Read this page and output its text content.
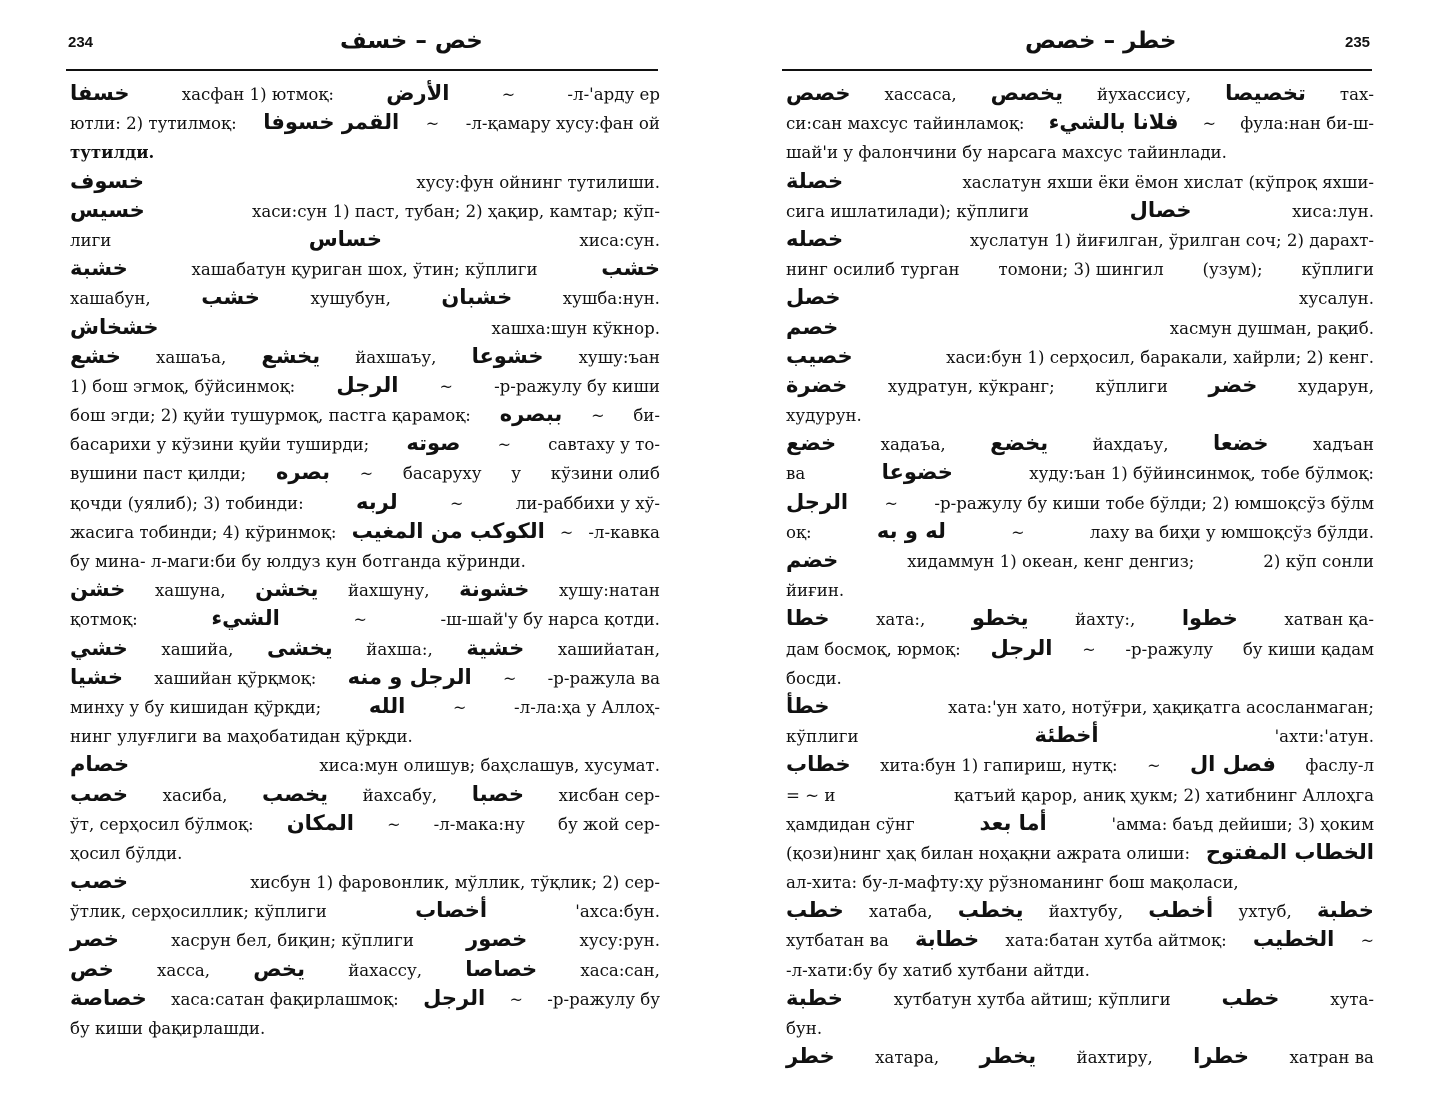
234	خص – خسف
خسفا	хасфан 1) ютмоқ: الأرض	~	-л-'арду ер
ютли: 2) тутилмоқ: القمر خسوفا ~ -л-қамару хусу:фан ой
тутилди.
خسوف	хусу:фун ойнинг тутилиши.
خسيس	хаси:сун 1) паст, тубан; 2) ҳақир, камтар; кўп-
лиги	خساس	хиса:сун.
خشبة	хашабатун қуриган шох, ўтин; кўплиги	خشب
хашабун, خشب	хушубун, خشبان	хушба:нун.
خشخاش	хашха:шун кўкнор.
خشع хашаъа, يخشع йахшаъу, خشوعا хушу:ъан
1) бош эгмоқ, бўйсинмоқ: الرجل	~ -р-ражулу бу киши
бош эгди; 2) қуйи тушурмоқ, пастга қарамоқ: ببصره ~ би-
басарихи у кўзини қуйи туширди; صوته ~ савтаху у то-
вушини паст қилди; بصره ~ басаруху у кўзини олиб
қочди (уялиб); 3) тобинди: لربه	~	ли-раббихи у хў-
жасига тобинди; 4) кўринмоқ: الكوكب من المغيب ~ -л-кавка
бу мина- л-маги:би бу юлдуз кун ботганда кўринди.
خشن хашуна, يخشن йахшуну, خشونة хушу:натан
қотмоқ:	الشيء	~	-ш-шай'у бу нарса қотди.
خشي хашийа, يخشى йахша:, خشية хашийатан,
خشيا хашийан қўрқмоқ: الرجل و منه ~ -р-ражула ва
минху у бу кишидан қўрқди; الله	~	-л-ла:ҳа у Аллоҳ-
нинг улуғлиги ва маҳобатидан қўрқди.
خصام	хиса:мун олишув; баҳслашув, хусумат.
خصب хасиба, يخصب йахсабу, خصبا хисбан сер-
ўт, серҳосил бўлмоқ: المكان ~ -л-мака:ну бу жой сер-
ҳосил бўлди.
خصب	хисбун 1) фаровонлик, мўллик, тўқлик; 2) сер-
ўтлик, серҳосиллик; кўплиги	أخصاب	'ахса:бун.
خصر	хасрун бел, биқин; кўплиги خصور	хусу:рун.
خص	хасса, يخص	йахассу, خصاصا	хаса:сан,
خصاصة хаса:сатан фақирлашмоқ: الرجل ~ -р-ражулу бу
бу киши фақирлашди.
235
خطر – خصص
خصص хассаса, يخصص йухассису, تخصيصا тах-
си:сан махсус тайинламоқ: فلانا بالشيء ~ фула:нан би-ш-
шай'и у фалончини бу нарсага махсус тайинлади.
خصلة	хаслатун яхши ёки ёмон хислат (кўпроқ яхши-
сига ишлатилади); кўплиги	خصال	хиса:лун.
خصله	хуслатун 1) йиғилган, ўрилган соч; 2) дарахт-
нинг осилиб турган томони; 3) шингил (узум); кўплиги
خصل	хусалун.
خصم	хасмун душман, рақиб.
خصيب	хаси:бун 1) серҳосил, баракали, хайрли; 2) кенг.
خضرة худратун, кўкранг; кўплиги خضر хударун,
худурун.
خضع	хадаъа, يخضع	йахдаъу, خضعا	хадъан
ва	خضوعا	худу:ъан 1) бўйинсинмоқ, тобе бўлмоқ:
الرجل ~ -р-ражулу бу киши тобе бўлди; 2) юмшоқсўз бўлм
оқ:	له و به	~	лаху ва биҳи у юмшоқсўз бўлди.
خضم	хидаммун 1) океан, кенг денгиз;	2) кўп сонли
йиғин.
خطا	хата:, يخطو	йахту:, خطوا	хатван қа-
дам босмоқ, юрмоқ: الرجل ~ -р-ражулу бу киши қадам
босди.
خطأ	хата:'ун хато, нотўғри, ҳақиқатга асосланмаган;
кўплиги	أخطئة	'ахти:'атун.
خطاب хита:бун 1) гапириш, нутқ: ~ فصل ال фаслу-л
= ~ и	қатъий қарор, аниқ ҳукм; 2) хатибнинг Аллоҳга
ҳамдидан сўнг	أما بعد	'амма: баъд дейиши; 3) ҳоким
(қози)нинг ҳақ билан ноҳақни ажрата олиши: الخطاب المفتوح
ал-хита: бу-л-мафту:ҳу рўзноманинг бош мақоласи,
خطب хатаба, يخطب йахтубу, أخطب ухтуб, خطبة
хутбатан ва خطابة хата:батан хутба айтмоқ: الخطيب ~
-л-хати:бу бу хатиб хутбани айтди.
خطبة	хутбатун хутба айтиш; кўплиги خطب	хута-
бун.
خطر хатара, يخطر йахтиру, خطرا хатран ва
